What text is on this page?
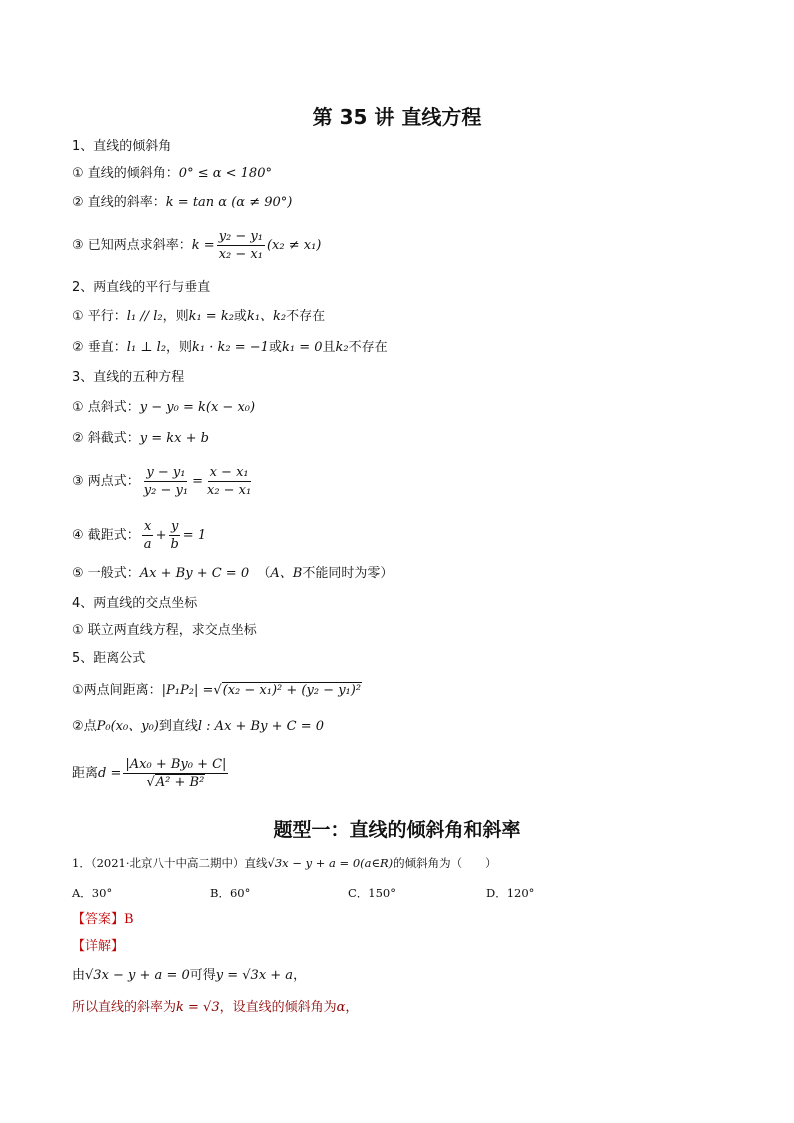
第 35 讲 直线方程
1、直线的倾斜角
① 直线的倾斜角：0° ≤ α < 180°
② 直线的斜率：k = tan α (α ≠ 90°)
③ 已知两点求斜率：$k = \frac{\text{y₂ − y₁}}{\text{x₂ − x₁}} (x_2 \ne x_1)$
2、两直线的平行与垂直
① 平行：l₁ // l₂，则k₁ = k₂或k₁、k₂不存在
② 垂直：l₁ ⊥ l₂，则k₁ · k₂ = −1或k₁ = 0且k₂不存在
3、直线的五种方程
① 点斜式：y − y₀ = k(x − x₀)
② 斜截式：y = kx + b
③ 两点式： $\frac{\text{y − y₁}}{\text{y₂ − y₁}} = \frac{\text{x − x₁}}{\text{x₂ − x₁}}$
④ 截距式： $\frac{x}{a} + \frac{y}{b} = 1$
⑤ 一般式：Ax + By + C = 0 （A、B不能同时为零）
4、两直线的交点坐标
① 联立两直线方程，求交点坐标
5、距离公式
①两点间距离：|P₁P₂| =√(x₂ − x₁)² + (y₂ − y₁)²
②点P₀(x₀、y₀)到直线l : Ax + By + C = 0
距离$d = \frac{\text{|Ax₀ + By₀ + C|}}{\text{√A² + B²}}$
题型一：直线的倾斜角和斜率
1．（2021·北京八十中高二期中）直线√3x − y + a = 0(a∈R)的倾斜角为（　　）
A．30°	B．60°	C．150°	D．120°
【答案】B
【详解】
由√3x − y + a = 0可得y = √3x + a，
所以直线的斜率为k = √3，设直线的倾斜角为α，
